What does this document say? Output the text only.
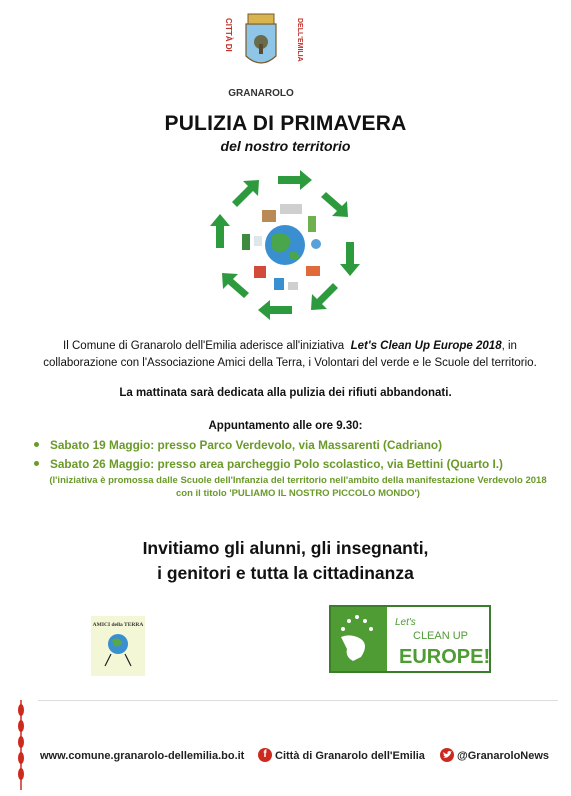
CITTÀ DI	DELL'EMILIA
GRANAROLO
PULIZIA DI PRIMAVERA
del nostro territorio
Il Comune di Granarolo dell'Emilia aderisce all'iniziativa Let's Clean Up Europe 2018, in collaborazione con l'Associazione Amici della Terra, i Volontari del verde e le Scuole del territorio.
La mattinata sarà dedicata alla pulizia dei rifiuti abbandonati.
Appuntamento alle ore 9.30:
Sabato 19 Maggio: presso Parco Verdevolo, via Massarenti (Cadriano)
Sabato 26 Maggio: presso area parcheggio Polo scolastico, via Bettini (Quarto I.)
(l'iniziativa è promossa dalle Scuole dell'Infanzia del territorio nell'ambito della manifestazione Verdevolo 2018 con il titolo 'PULIAMO IL NOSTRO PICCOLO MONDO')
Invitiamo gli alunni, gli insegnanti,
i genitori e tutta la cittadinanza
AMICI della TERRA	Let's
CLEAN UP
EUROPE!
www.comune.granarolo-dellemilia.bo.it	f Città di Granarolo dell'Emilia	@GranaroloNews
